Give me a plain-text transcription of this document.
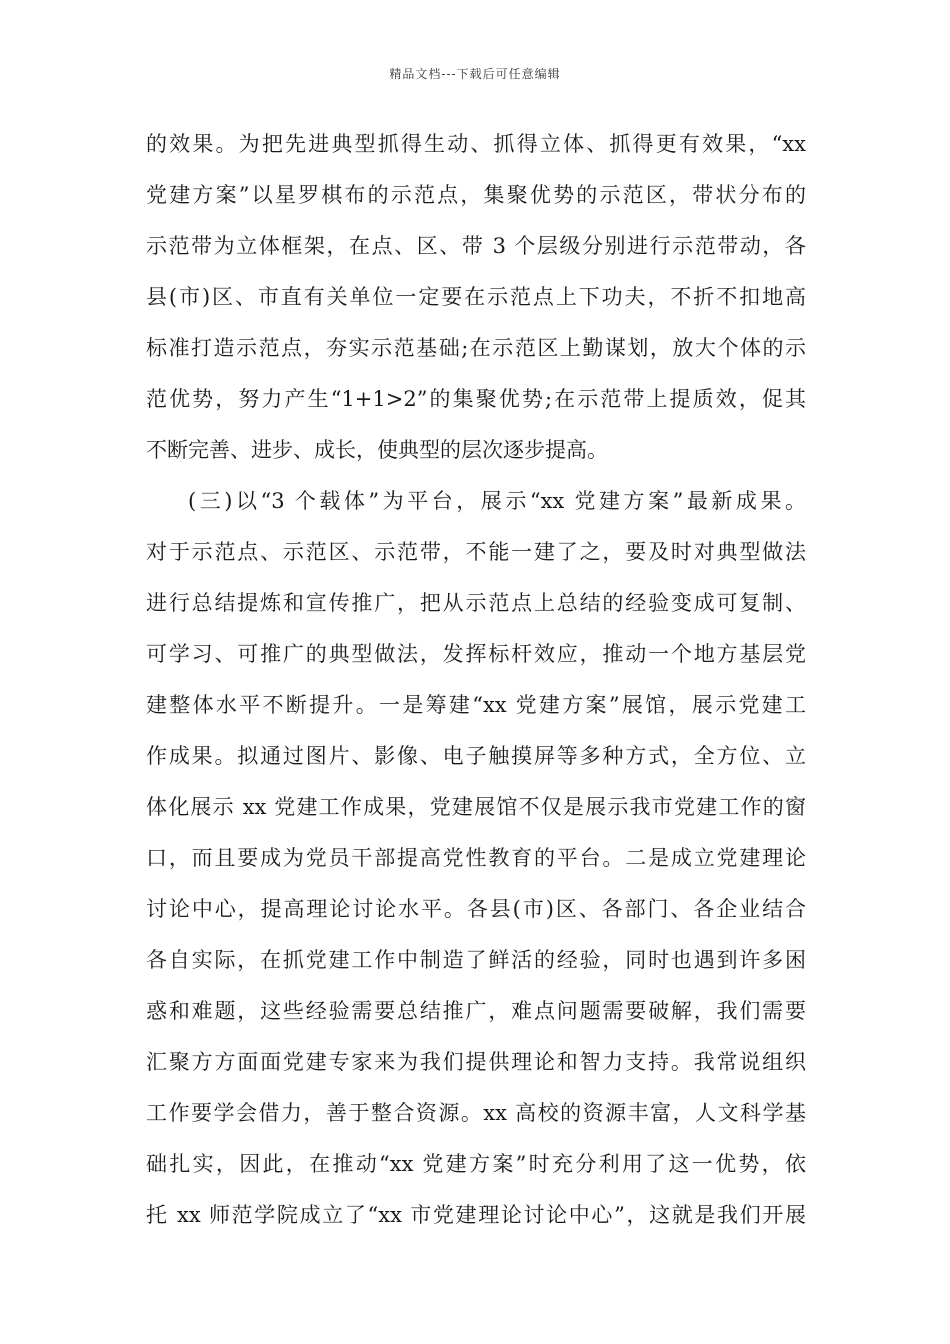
精品文档---下载后可任意编辑
的效果。为把先进典型抓得生动、抓得立体、抓得更有效果，“xx
党建方案”以星罗棋布的示范点，集聚优势的示范区，带状分布的
示范带为立体框架，在点、区、带 3 个层级分别进行示范带动，各
县(市)区、市直有关单位一定要在示范点上下功夫，不折不扣地高
标准打造示范点，夯实示范基础;在示范区上勤谋划，放大个体的示
范优势，努力产生“1+1>2”的集聚优势;在示范带上提质效，促其
不断完善、进步、成长，使典型的层次逐步提高。
(三)以“3 个载体”为平台，展示“xx 党建方案”最新成果。
对于示范点、示范区、示范带，不能一建了之，要及时对典型做法
进行总结提炼和宣传推广，把从示范点上总结的经验变成可复制、
可学习、可推广的典型做法，发挥标杆效应，推动一个地方基层党
建整体水平不断提升。一是筹建“xx 党建方案”展馆，展示党建工
作成果。拟通过图片、影像、电子触摸屏等多种方式，全方位、立
体化展示 xx 党建工作成果，党建展馆不仅是展示我市党建工作的窗
口，而且要成为党员干部提高党性教育的平台。二是成立党建理论
讨论中心，提高理论讨论水平。各县(市)区、各部门、各企业结合
各自实际，在抓党建工作中制造了鲜活的经验，同时也遇到许多困
惑和难题，这些经验需要总结推广，难点问题需要破解，我们需要
汇聚方方面面党建专家来为我们提供理论和智力支持。我常说组织
工作要学会借力，善于整合资源。xx 高校的资源丰富，人文科学基
础扎实，因此，在推动“xx 党建方案”时充分利用了这一优势，依
托 xx 师范学院成立了“xx 市党建理论讨论中心”，这就是我们开展
